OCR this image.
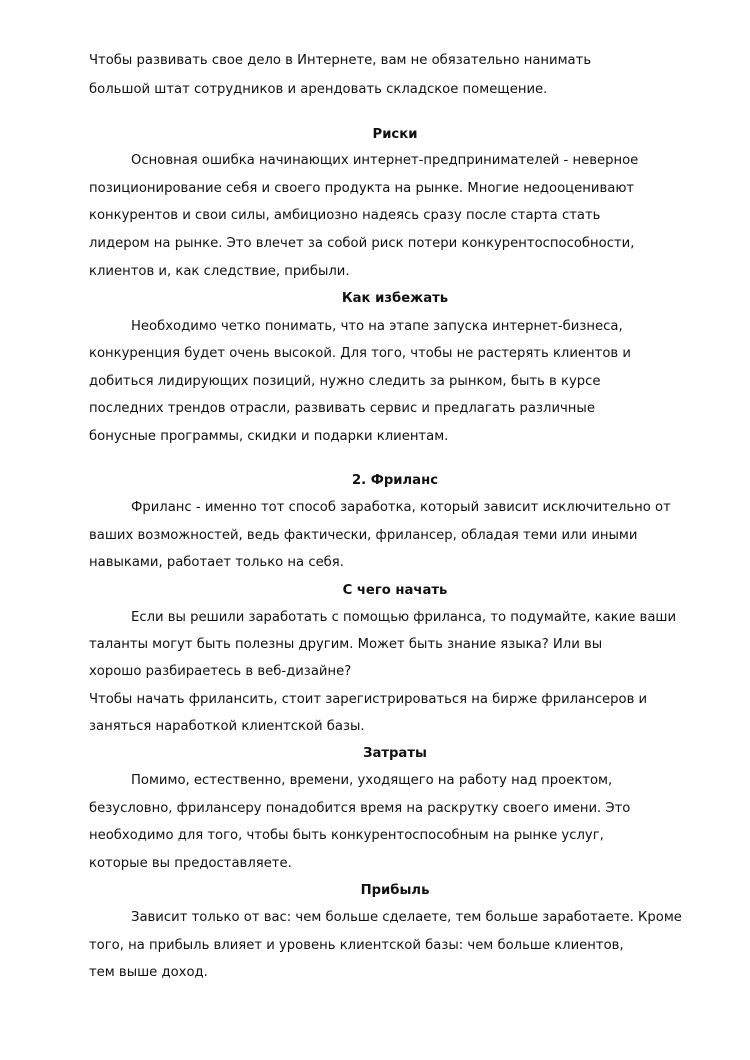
Чтобы развивать свое дело в Интернете, вам не обязательно нанимать
большой штат сотрудников и арендовать складское помещение.
Риски
Основная ошибка начинающих интернет-предпринимателей - неверное
позиционирование себя и своего продукта на рынке. Многие недооценивают
конкурентов и свои силы, амбициозно надеясь сразу после старта стать
лидером на рынке. Это влечет за собой риск потери конкурентоспособности,
клиентов и, как следствие, прибыли.
Как избежать
Необходимо четко понимать, что на этапе запуска интернет-бизнеса,
конкуренция будет очень высокой. Для того, чтобы не растерять клиентов и
добиться лидирующих позиций, нужно следить за рынком, быть в курсе
последних трендов отрасли, развивать сервис и предлагать различные
бонусные программы, скидки и подарки клиентам.
2. Фриланс
Фриланс - именно тот способ заработка, который зависит исключительно от
ваших возможностей, ведь фактически, фрилансер, обладая теми или иными
навыками, работает только на себя.
С чего начать
Если вы решили заработать с помощью фриланса, то подумайте, какие ваши
таланты могут быть полезны другим. Может быть знание языка? Или вы
хорошо разбираетесь в веб-дизайне?
Чтобы начать фрилансить, стоит зарегистрироваться на бирже фрилансеров и
заняться наработкой клиентской базы.
Затраты
Помимо, естественно, времени, уходящего на работу над проектом,
безусловно, фрилансеру понадобится время на раскрутку своего имени. Это
необходимо для того, чтобы быть конкурентоспособным на рынке услуг,
которые вы предоставляете.
Прибыль
Зависит только от вас: чем больше сделаете, тем больше заработаете. Кроме
того, на прибыль влияет и уровень клиентской базы: чем больше клиентов,
тем выше доход.
